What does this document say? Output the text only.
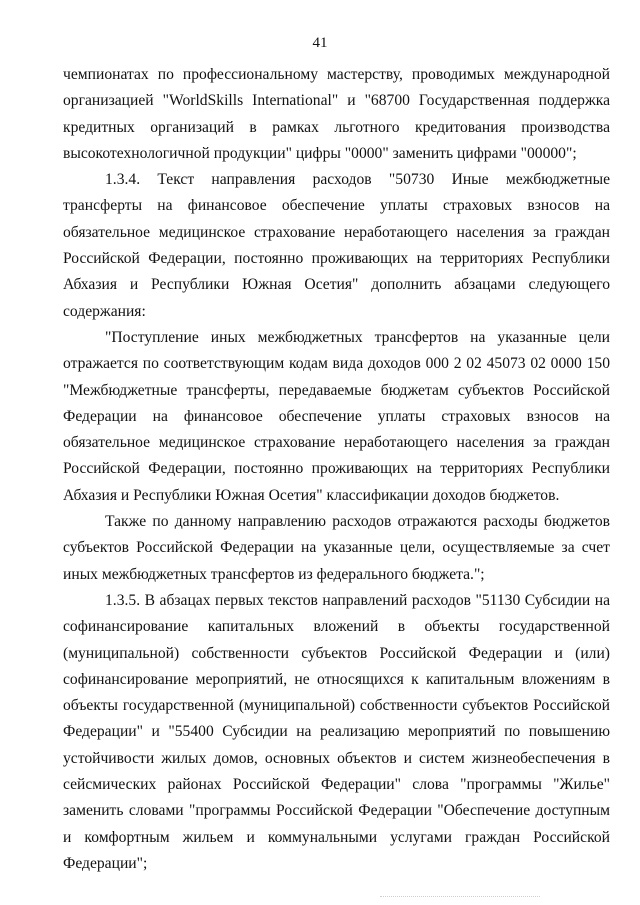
41

чемпионатах по профессиональному мастерству, проводимых международной организацией "WorldSkills International" и "68700 Государственная поддержка кредитных организаций в рамках льготного кредитования производства высокотехнологичной продукции" цифры "0000" заменить цифрами "00000";

1.3.4. Текст направления расходов "50730 Иные межбюджетные трансферты на финансовое обеспечение уплаты страховых взносов на обязательное медицинское страхование неработающего населения за граждан Российской Федерации, постоянно проживающих на территориях Республики Абхазия и Республики Южная Осетия" дополнить абзацами следующего содержания:

"Поступление иных межбюджетных трансфертов на указанные цели отражается по соответствующим кодам вида доходов 000 2 02 45073 02 0000 150 "Межбюджетные трансферты, передаваемые бюджетам субъектов Российской Федерации на финансовое обеспечение уплаты страховых взносов на обязательное медицинское страхование неработающего населения за граждан Российской Федерации, постоянно проживающих на территориях Республики Абхазия и Республики Южная Осетия" классификации доходов бюджетов.

Также по данному направлению расходов отражаются расходы бюджетов субъектов Российской Федерации на указанные цели, осуществляемые за счет иных межбюджетных трансфертов из федерального бюджета.";

1.3.5. В абзацах первых текстов направлений расходов "51130 Субсидии на софинансирование капитальных вложений в объекты государственной (муниципальной) собственности субъектов Российской Федерации и (или) софинансирование мероприятий, не относящихся к капитальным вложениям в объекты государственной (муниципальной) собственности субъектов Российской Федерации" и "55400 Субсидии на реализацию мероприятий по повышению устойчивости жилых домов, основных объектов и систем жизнеобеспечения в сейсмических районах Российской Федерации" слова "программы "Жилье" заменить словами "программы Российской Федерации "Обеспечение доступным и комфортным жильем и коммунальными услугами граждан Российской Федерации";
